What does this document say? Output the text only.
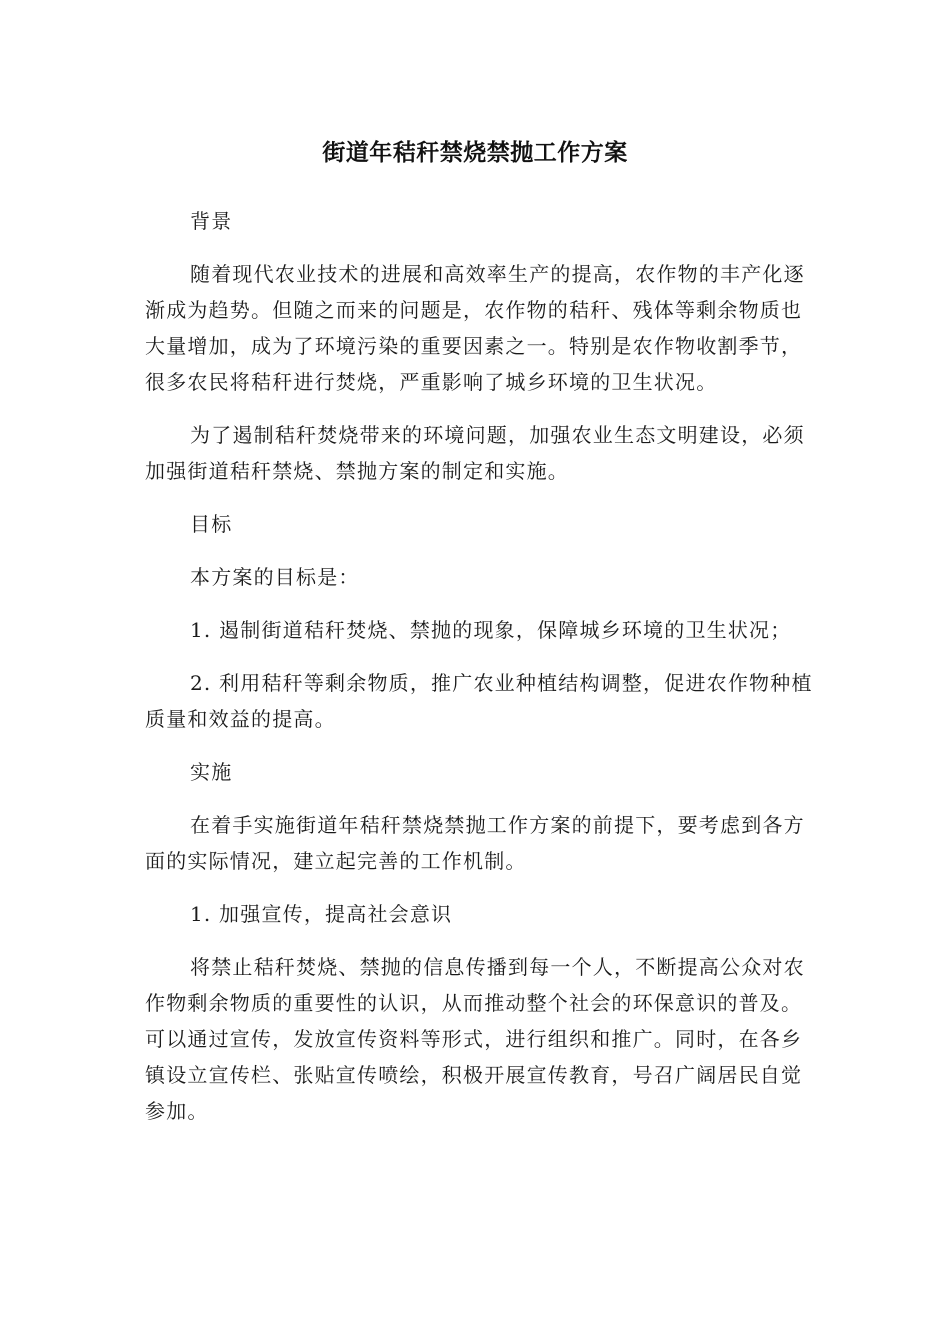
街道年秸秆禁烧禁抛工作方案

背景

随着现代农业技术的进展和高效率生产的提高，农作物的丰产化逐渐成为趋势。但随之而来的问题是，农作物的秸秆、残体等剩余物质也大量增加，成为了环境污染的重要因素之一。特别是农作物收割季节，很多农民将秸秆进行焚烧，严重影响了城乡环境的卫生状况。

为了遏制秸秆焚烧带来的环境问题，加强农业生态文明建设，必须加强街道秸秆禁烧、禁抛方案的制定和实施。

目标

本方案的目标是：

1. 遏制街道秸秆焚烧、禁抛的现象，保障城乡环境的卫生状况；

2. 利用秸秆等剩余物质，推广农业种植结构调整，促进农作物种植质量和效益的提高。

实施

在着手实施街道年秸秆禁烧禁抛工作方案的前提下，要考虑到各方面的实际情况，建立起完善的工作机制。

1. 加强宣传，提高社会意识

将禁止秸秆焚烧、禁抛的信息传播到每一个人，不断提高公众对农作物剩余物质的重要性的认识，从而推动整个社会的环保意识的普及。可以通过宣传，发放宣传资料等形式，进行组织和推广。同时，在各乡镇设立宣传栏、张贴宣传喷绘，积极开展宣传教育，号召广阔居民自觉参加。
